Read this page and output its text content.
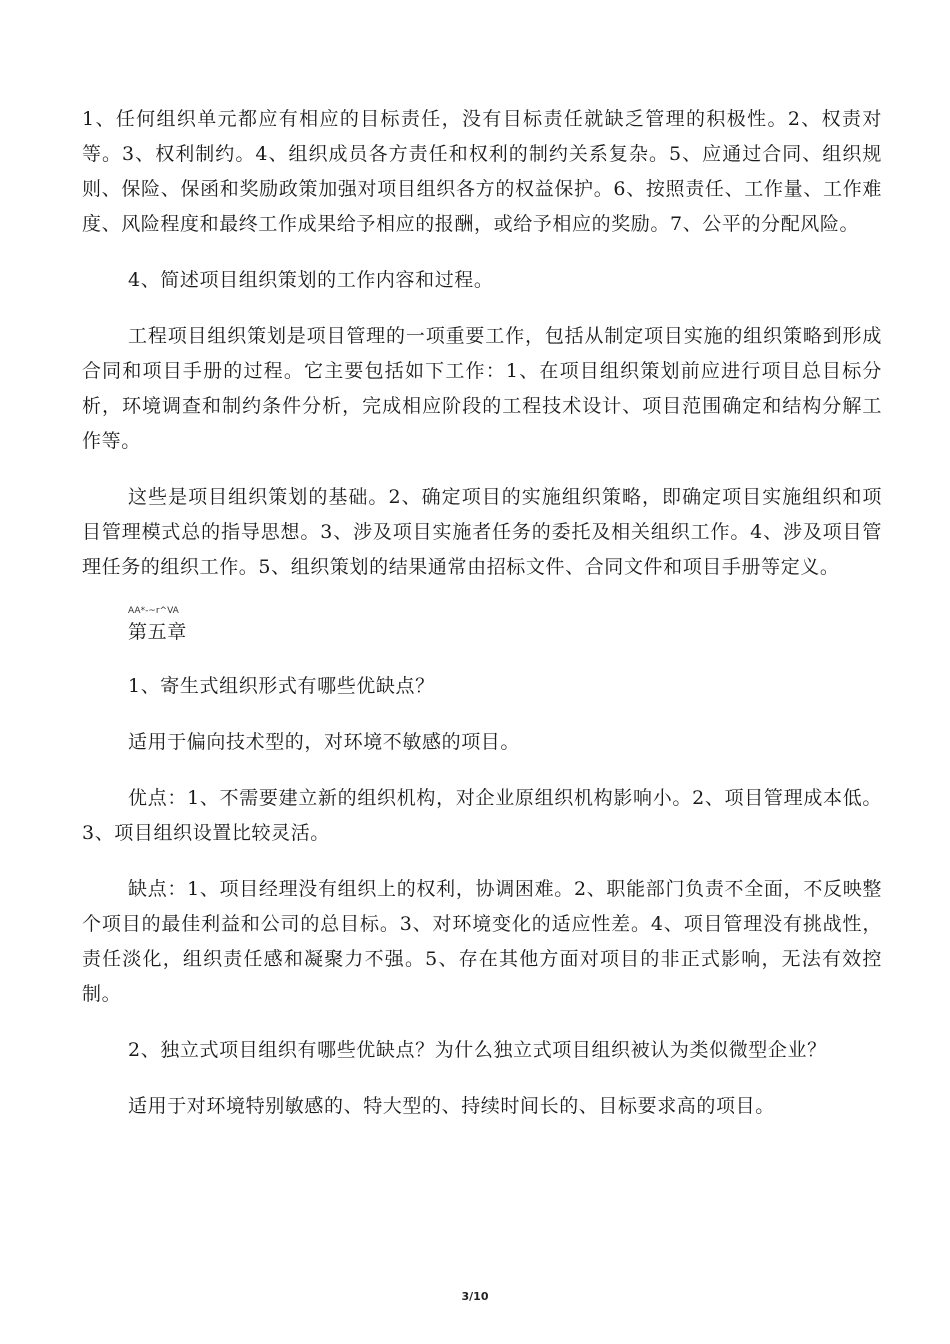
1、任何组织单元都应有相应的目标责任，没有目标责任就缺乏管理的积极性。2、权责对等。3、权利制约。4、组织成员各方责任和权利的制约关系复杂。5、应通过合同、组织规则、保险、保函和奖励政策加强对项目组织各方的权益保护。6、按照责任、工作量、工作难度、风险程度和最终工作成果给予相应的报酬，或给予相应的奖励。7、公平的分配风险。

4、简述项目组织策划的工作内容和过程。

工程项目组织策划是项目管理的一项重要工作，包括从制定项目实施的组织策略到形成合同和项目手册的过程。它主要包括如下工作：1、在项目组织策划前应进行项目总目标分析，环境调查和制约条件分析，完成相应阶段的工程技术设计、项目范围确定和结构分解工作等。

这些是项目组织策划的基础。2、确定项目的实施组织策略，即确定项目实施组织和项目管理模式总的指导思想。3、涉及项目实施者任务的委托及相关组织工作。4、涉及项目管理任务的组织工作。5、组织策划的结果通常由招标文件、合同文件和项目手册等定义。

AA*-~r^VA
第五章

1、寄生式组织形式有哪些优缺点？

适用于偏向技术型的，对环境不敏感的项目。

优点：1、不需要建立新的组织机构，对企业原组织机构影响小。2、项目管理成本低。3、项目组织设置比较灵活。

缺点：1、项目经理没有组织上的权利，协调困难。2、职能部门负责不全面，不反映整个项目的最佳利益和公司的总目标。3、对环境变化的适应性差。4、项目管理没有挑战性，责任淡化，组织责任感和凝聚力不强。5、存在其他方面对项目的非正式影响，无法有效控制。

2、独立式项目组织有哪些优缺点？为什么独立式项目组织被认为类似微型企业？

适用于对环境特别敏感的、特大型的、持续时间长的、目标要求高的项目。

3/10
